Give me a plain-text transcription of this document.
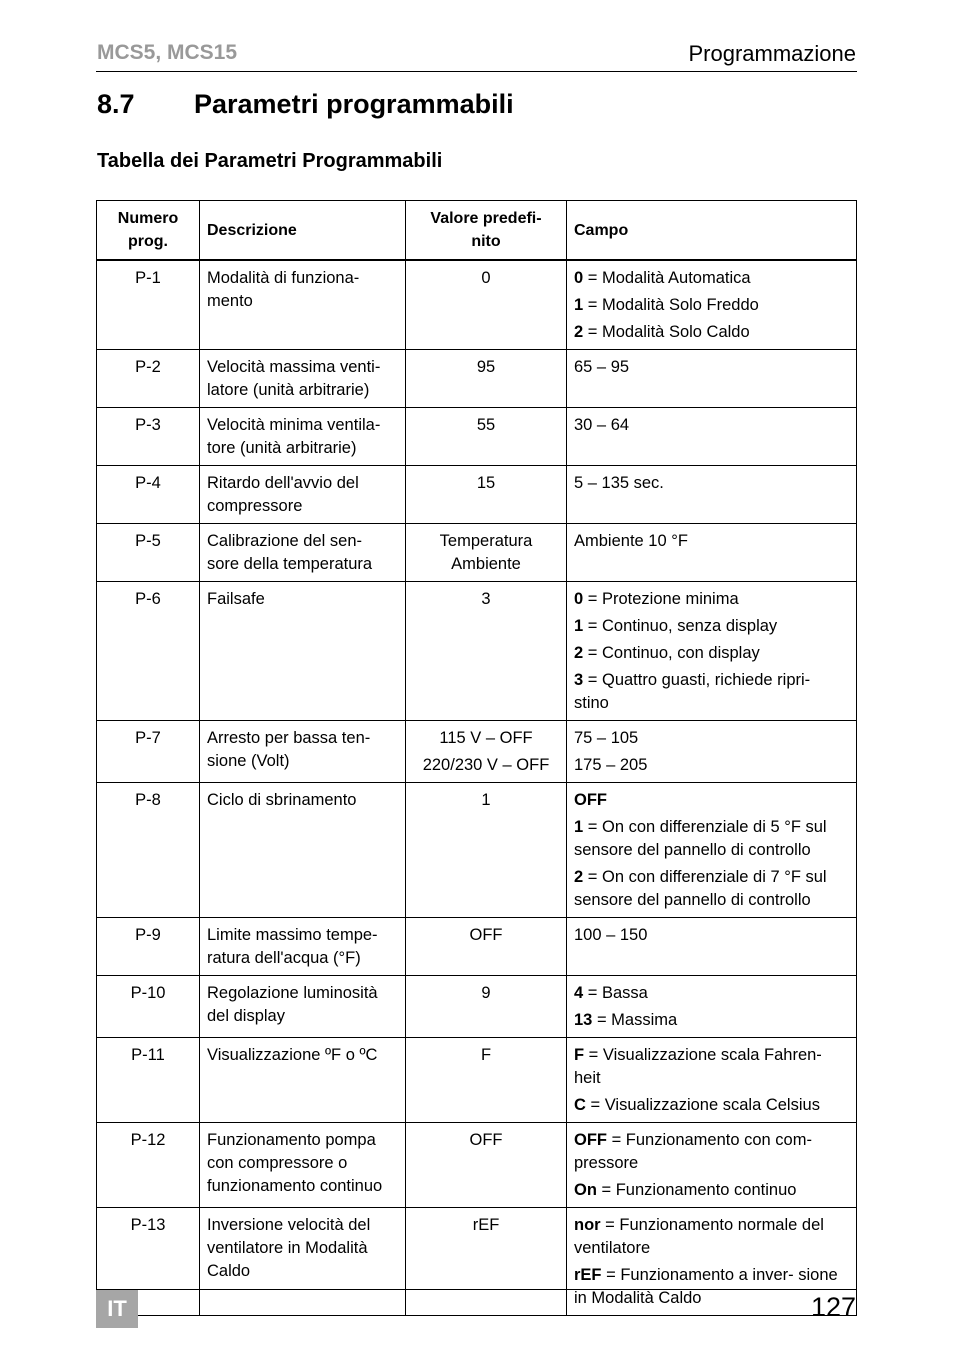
MCS5, MCS15	Programmazione
8.7 Parametri programmabili
Tabella dei Parametri Programmabili
Numero
prog.	Descrizione	Valore predefi-
nito	Campo
P-1	Modalità di funziona-
mento	0	0 = Modalità Automatica
1 = Modalità Solo Freddo
2 = Modalità Solo Caldo

P-2	Velocità massima venti-
latore (unità arbitrarie)	95	65 – 95

P-3	Velocità minima ventila-
tore (unità arbitrarie)	55	30 – 64

P-4	Ritardo dell'avvio del
compressore	15	5 – 135 sec.

P-5	Calibrazione del sen-
sore della temperatura	Temperatura
Ambiente	Ambiente 10 °F

P-6	Failsafe	3	0 = Protezione minima
1 = Continuo, senza display
2 = Continuo, con display
3 = Quattro guasti, richiede ripri- stino

P-7	Arresto per bassa ten-
sione (Volt)	115 V – OFF
220/230 V – OFF	75 – 105
175 – 205

P-8	Ciclo di sbrinamento	1	OFF
1 = On con differenziale di 5 °F sul sensore del pannello di controllo
2 = On con differenziale di 7 °F sul sensore del pannello di controllo

P-9	Limite massimo tempe-
ratura dell'acqua (°F)	OFF	100 – 150

P-10	Regolazione luminosità
del display	9	4 = Bassa
13 = Massima

P-11	Visualizzazione ºF o ºC	F	F = Visualizzazione scala Fahren- heit
C = Visualizzazione scala Celsius

P-12	Funzionamento pompa
con compressore o
funzionamento continuo	OFF	OFF = Funzionamento con com- pressore
On = Funzionamento continuo

P-13	Inversione velocità del
ventilatore in Modalità
Caldo	rEF	nor = Funzionamento normale del ventilatore
rEF = Funzionamento a inver- sione in Modalità Caldo
IT	127
